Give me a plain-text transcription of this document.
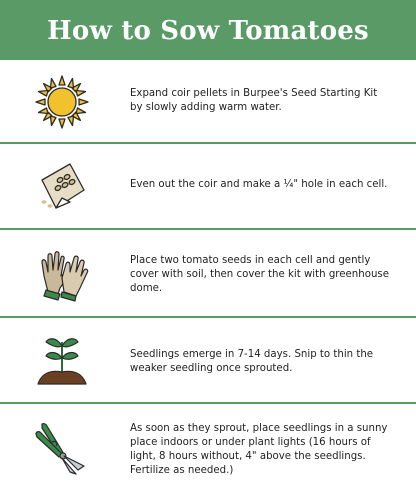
How to Sow Tomatoes
Expand coir pellets in Burpee's Seed Starting Kit by slowly adding warm water.
Even out the coir and make a ¼" hole in each cell.
Place two tomato seeds in each cell and gently cover with soil, then cover the kit with greenhouse dome.
Seedlings emerge in 7-14 days. Snip to thin the weaker seedling once sprouted.
As soon as they sprout, place seedlings in a sunny place indoors or under plant lights (16 hours of light, 8 hours without, 4" above the seedlings. Fertilize as needed.)
